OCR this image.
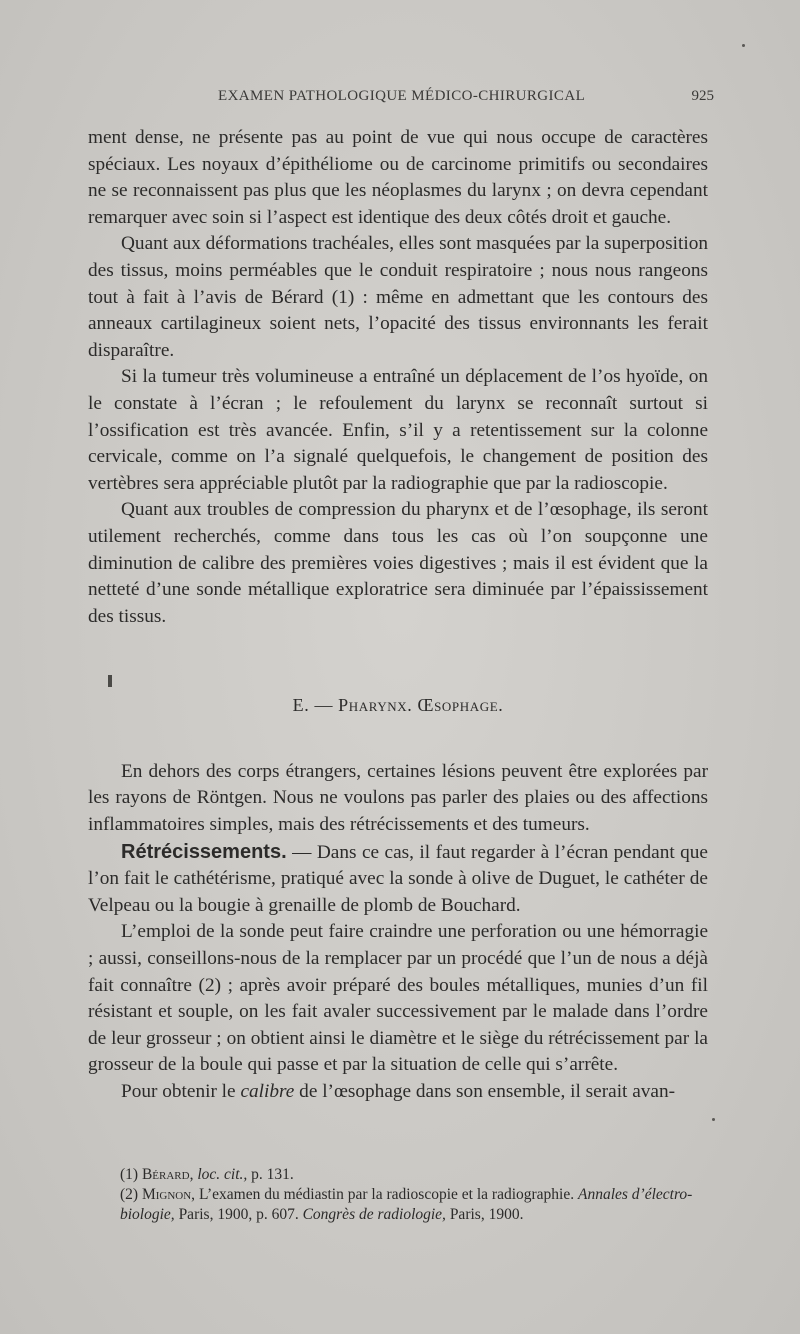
EXAMEN PATHOLOGIQUE MÉDICO-CHIRURGICAL	925

ment dense, ne présente pas au point de vue qui nous occupe de caractères spéciaux. Les noyaux d’épithéliome ou de carcinome primitifs ou secondaires ne se reconnaissent pas plus que les néoplasmes du larynx ; on devra cependant remarquer avec soin si l’aspect est identique des deux côtés droit et gauche.

Quant aux déformations trachéales, elles sont masquées par la superposition des tissus, moins perméables que le conduit respiratoire ; nous nous rangeons tout à fait à l’avis de Bérard (1) : même en admettant que les contours des anneaux cartilagineux soient nets, l’opacité des tissus environnants les ferait disparaître.

Si la tumeur très volumineuse a entraîné un déplacement de l’os hyoïde, on le constate à l’écran ; le refoulement du larynx se reconnaît surtout si l’ossification est très avancée. Enfin, s’il y a retentissement sur la colonne cervicale, comme on l’a signalé quelquefois, le changement de position des vertèbres sera appréciable plutôt par la radiographie que par la radioscopie.

Quant aux troubles de compression du pharynx et de l’œsophage, ils seront utilement recherchés, comme dans tous les cas où l’on soupçonne une diminution de calibre des premières voies digestives ; mais il est évident que la netteté d’une sonde métallique exploratrice sera diminuée par l’épaississement des tissus.

E. — Pharynx. Œsophage.

En dehors des corps étrangers, certaines lésions peuvent être explorées par les rayons de Röntgen. Nous ne voulons pas parler des plaies ou des affections inflammatoires simples, mais des rétrécissements et des tumeurs.

Rétrécissements. — Dans ce cas, il faut regarder à l’écran pendant que l’on fait le cathétérisme, pratiqué avec la sonde à olive de Duguet, le cathéter de Velpeau ou la bougie à grenaille de plomb de Bouchard.

L’emploi de la sonde peut faire craindre une perforation ou une hémorragie ; aussi, conseillons-nous de la remplacer par un procédé que l’un de nous a déjà fait connaître (2) ; après avoir préparé des boules métalliques, munies d’un fil résistant et souple, on les fait avaler successivement par le malade dans l’ordre de leur grosseur ; on obtient ainsi le diamètre et le siège du rétrécissement par la grosseur de la boule qui passe et par la situation de celle qui s’arrête.

Pour obtenir le calibre de l’œsophage dans son ensemble, il serait avan-

(1) Bérard, loc. cit., p. 131.

(2) Mignon, L’examen du médiastin par la radioscopie et la radiographie. Annales d’électro-biologie, Paris, 1900, p. 607. Congrès de radiologie, Paris, 1900.
